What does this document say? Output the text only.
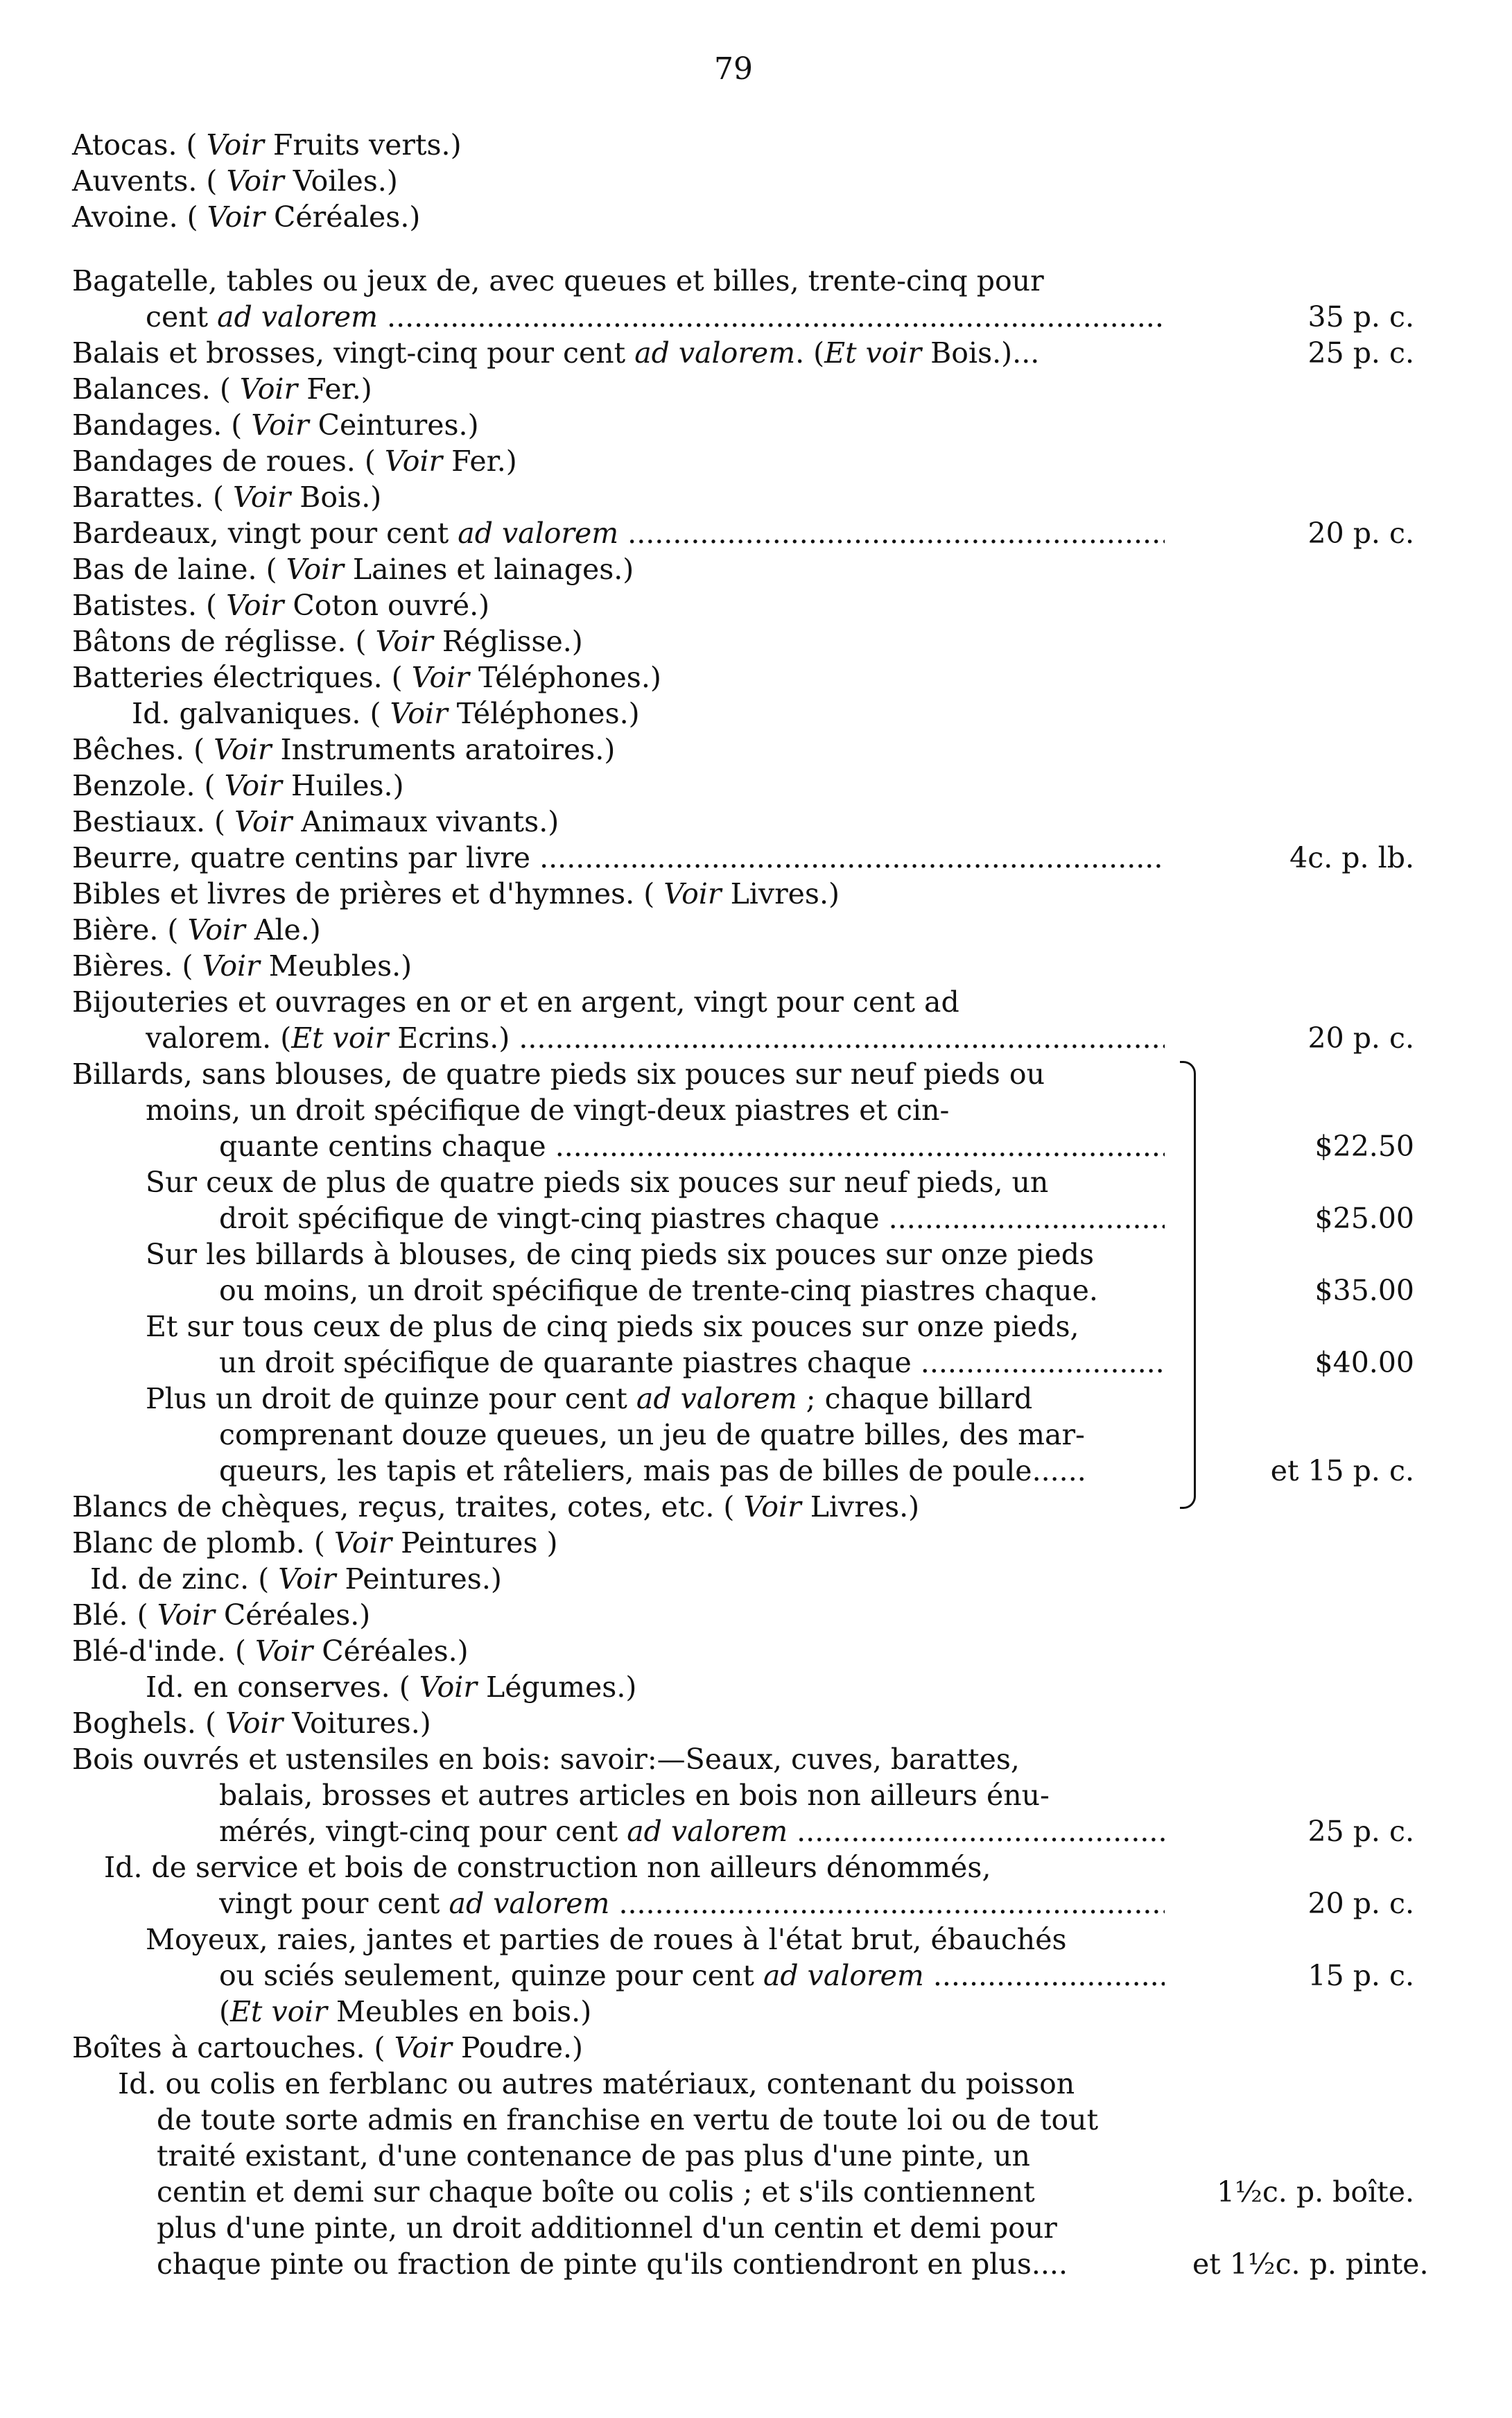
79
Atocas. ( Voir Fruits verts.)
Auvents. ( Voir Voiles.)
Avoine. ( Voir Céréales.)
Bagatelle, tables ou jeux de, avec queues et billes, trente-cinq pour
cent ad valorem .....
Balais et brosses, vingt-cinq pour cent ad valorem. (Et voir Bois.)...
Balances. ( Voir Fer.)
Bandages. ( Voir Ceintures.)
Bandages de roues. ( Voir Fer.)
Barattes. ( Voir Bois.)
Bardeaux, vingt pour cent ad valorem .....
Bas de laine. ( Voir Laines et lainages.)
Batistes. ( Voir Coton ouvré.)
Bâtons de réglisse. ( Voir Réglisse.)
Batteries électriques. ( Voir Téléphones.)
Id. galvaniques. ( Voir Téléphones.)
Bêches. ( Voir Instruments aratoires.)
Benzole. ( Voir Huiles.)
Bestiaux. ( Voir Animaux vivants.)
Beurre, quatre centins par livre .....
Bibles et livres de prières et d'hymnes. ( Voir Livres.)
Bière. ( Voir Ale.)
Bières. ( Voir Meubles.)
Bijouteries et ouvrages en or et en argent, vingt pour cent ad
valorem. (Et voir Ecrins.) .....
Billards, sans blouses, de quatre pieds six pouces sur neuf pieds ou
moins, un droit spécifique de vingt-deux piastres et cin-
quante centins chaque .....
Sur ceux de plus de quatre pieds six pouces sur neuf pieds, un
droit spécifique de vingt-cinq piastres chaque .....
Sur les billards à blouses, de cinq pieds six pouces sur onze pieds
ou moins, un droit spécifique de trente-cinq piastres chaque.
Et sur tous ceux de plus de cinq pieds six pouces sur onze pieds,
un droit spécifique de quarante piastres chaque .....
Plus un droit de quinze pour cent ad valorem ; chaque billard
comprenant douze queues, un jeu de quatre billes, des mar-
queurs, les tapis et râteliers, mais pas de billes de poule......
Blancs de chèques, reçus, traites, cotes, etc. ( Voir Livres.)
Blanc de plomb. ( Voir Peintures )
Id. de zinc. ( Voir Peintures.)
Blé. ( Voir Céréales.)
Blé-d'inde. ( Voir Céréales.)
Id. en conserves. ( Voir Légumes.)
Boghels. ( Voir Voitures.)
Bois ouvrés et ustensiles en bois: savoir:—Seaux, cuves, barattes,
balais, brosses et autres articles en bois non ailleurs énu-
mérés, vingt-cinq pour cent ad valorem .....
Id. de service et bois de construction non ailleurs dénommés,
vingt pour cent ad valorem .....
Moyeux, raies, jantes et parties de roues à l'état brut, ébauchés
ou sciés seulement, quinze pour cent ad valorem .....
(Et voir Meubles en bois.)
Boîtes à cartouches. ( Voir Poudre.)
Id. ou colis en ferblanc ou autres matériaux, contenant du poisson
de toute sorte admis en franchise en vertu de toute loi ou de tout
traité existant, d'une contenance de pas plus d'une pinte, un
centin et demi sur chaque boîte ou colis ; et s'ils contiennent
plus d'une pinte, un droit additionnel d'un centin et demi pour
chaque pinte ou fraction de pinte qu'ils contiendront en plus....
35 p. c.
25 p. c.
20 p. c.
4c. p. lb.
20 p. c.
$22.50
$25.00
$35.00
$40.00
et 15 p. c.
25 p. c.
20 p. c.
15 p. c.
1½c. p. boîte.
et 1½c. p. pinte.
